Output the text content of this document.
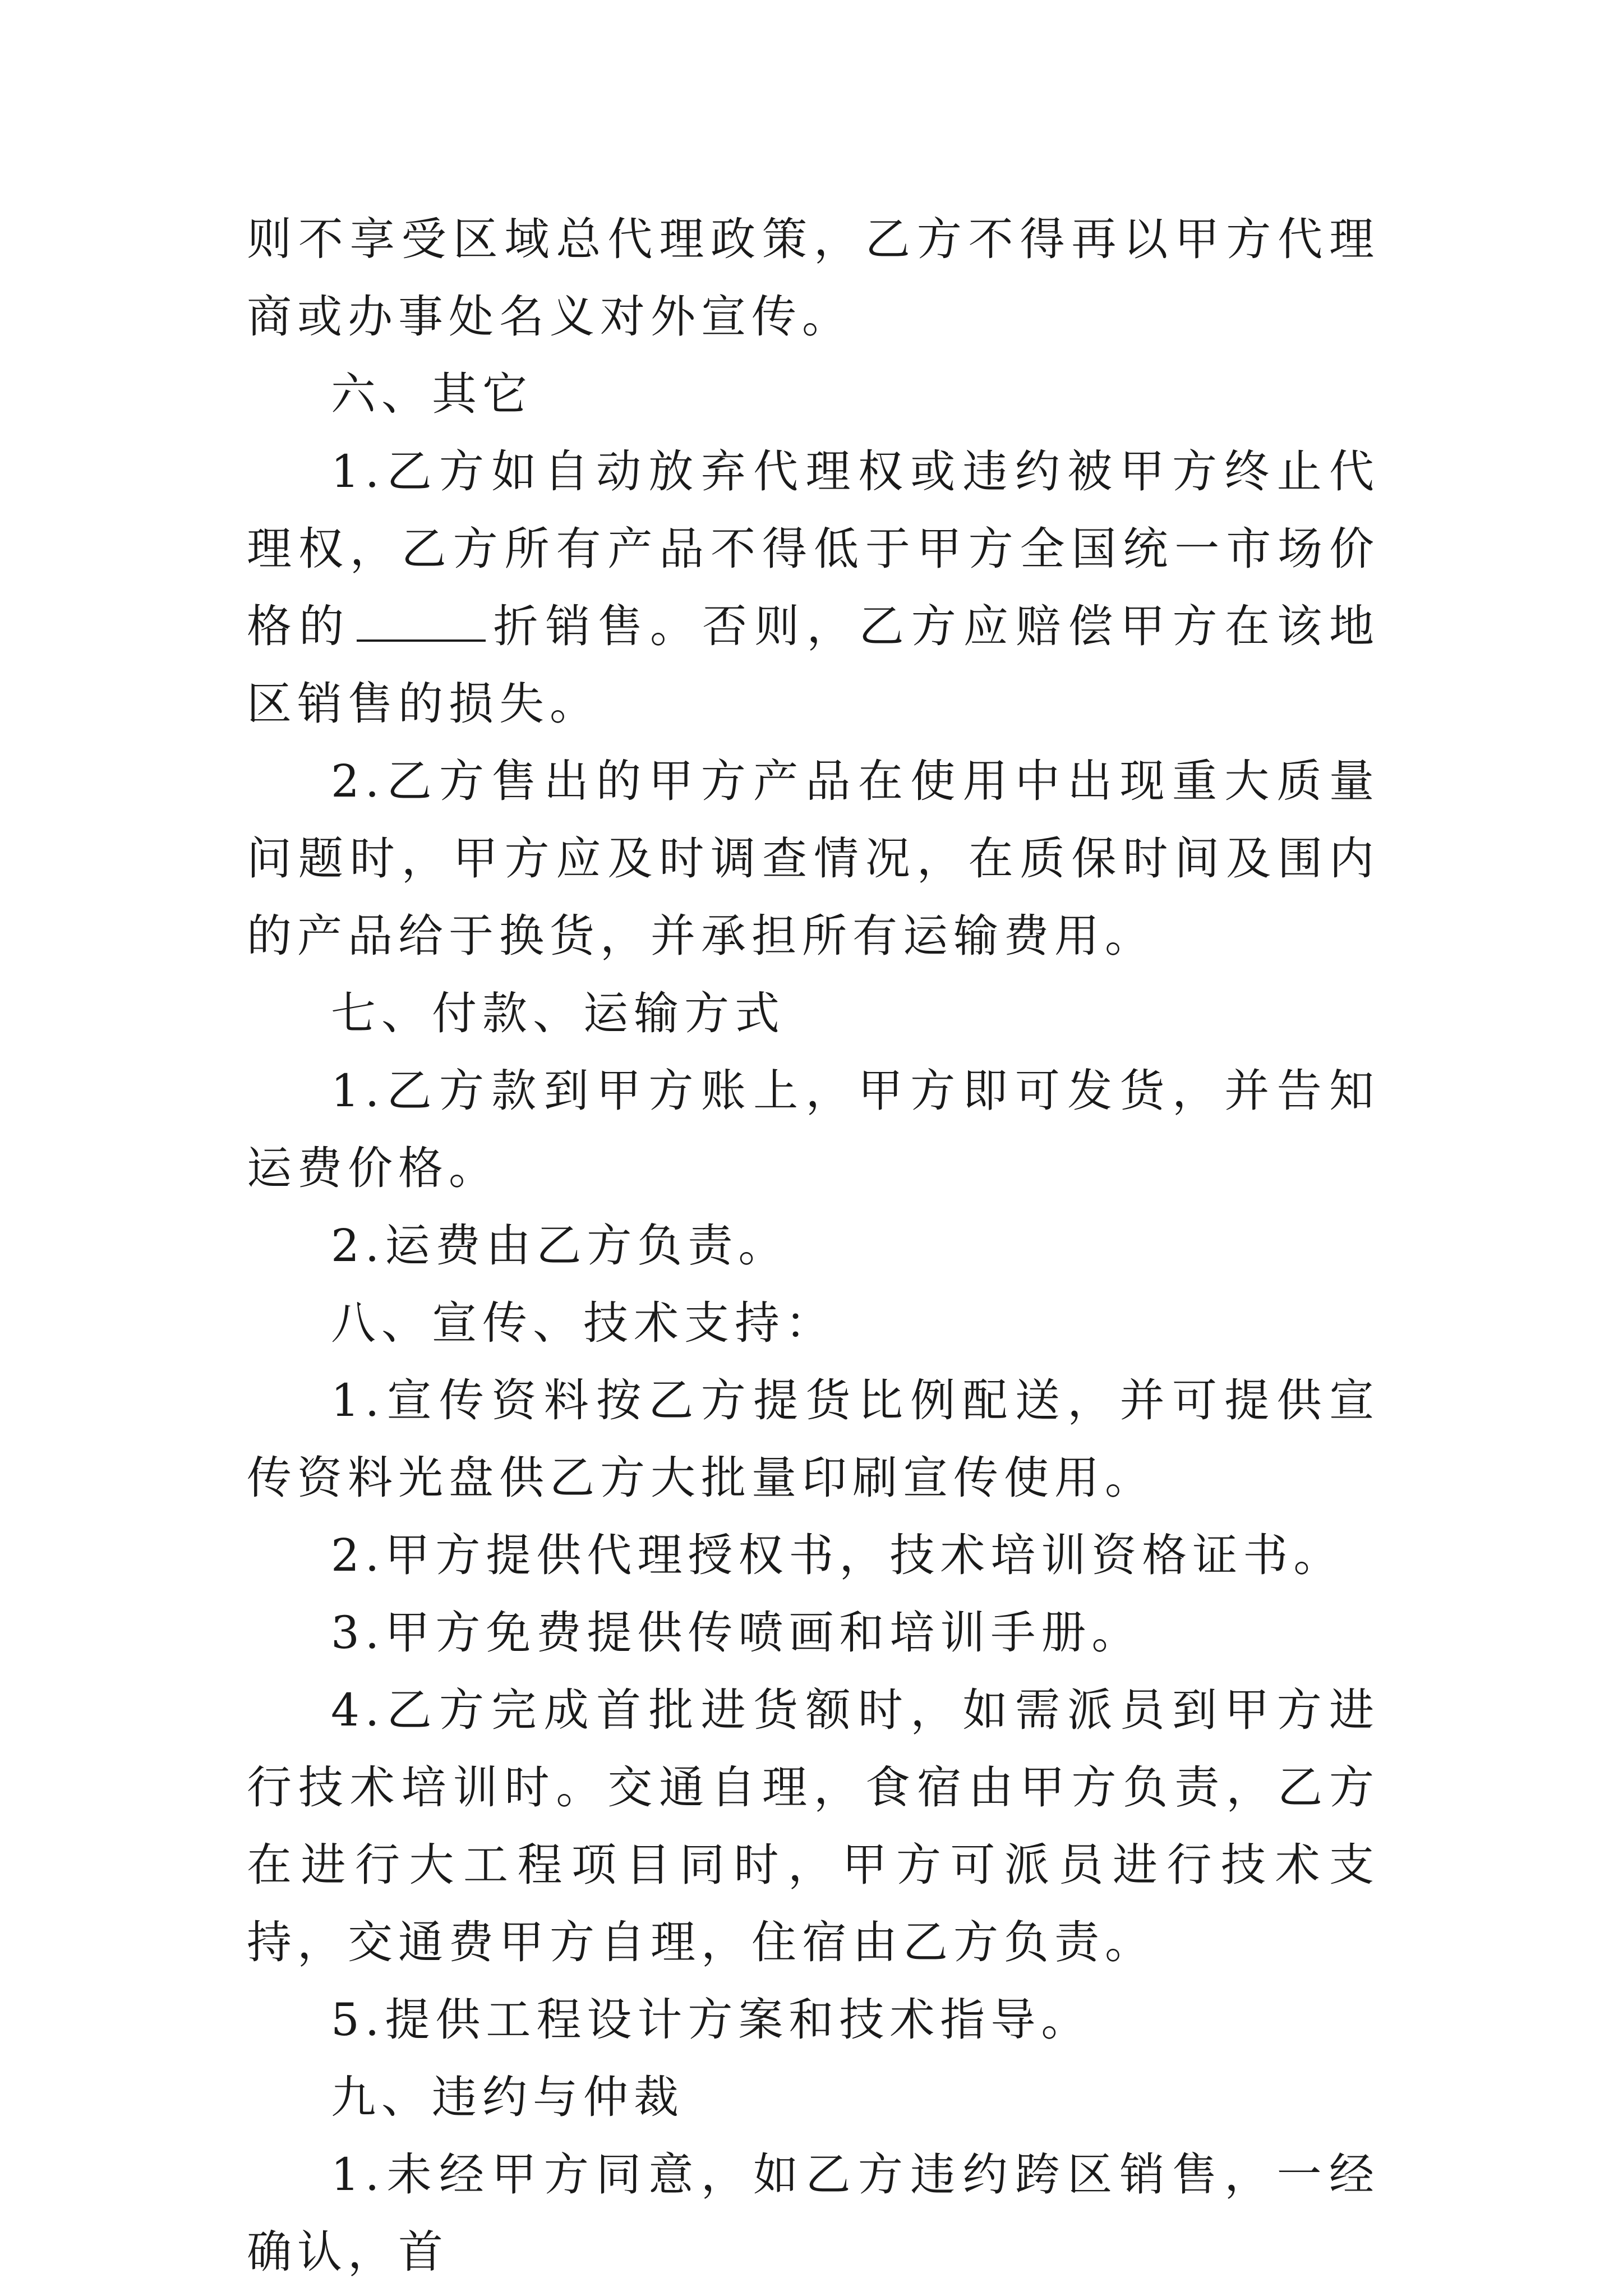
则不享受区域总代理政策，乙方不得再以甲方代理商或办事处名义对外宣传。

六、其它

1.乙方如自动放弃代理权或违约被甲方终止代理权，乙方所有产品不得低于甲方全国统一市场价格的	折销售。否则，乙方应赔偿甲方在该地区销售的损失。

2.乙方售出的甲方产品在使用中出现重大质量问题时，甲方应及时调查情况，在质保时间及围内的产品给于换货，并承担所有运输费用。

七、付款、运输方式

1.乙方款到甲方账上，甲方即可发货，并告知运费价格。

2.运费由乙方负责。

八、宣传、技术支持：

1.宣传资料按乙方提货比例配送，并可提供宣传资料光盘供乙方大批量印刷宣传使用。

2.甲方提供代理授权书，技术培训资格证书。

3.甲方免费提供传喷画和培训手册。

4.乙方完成首批进货额时，如需派员到甲方进行技术培训时。交通自理，食宿由甲方负责，乙方在进行大工程项目同时，甲方可派员进行技术支持，交通费甲方自理，住宿由乙方负责。

5.提供工程设计方案和技术指导。

九、违约与仲裁

1.未经甲方同意，如乙方违约跨区销售，一经确认，首
